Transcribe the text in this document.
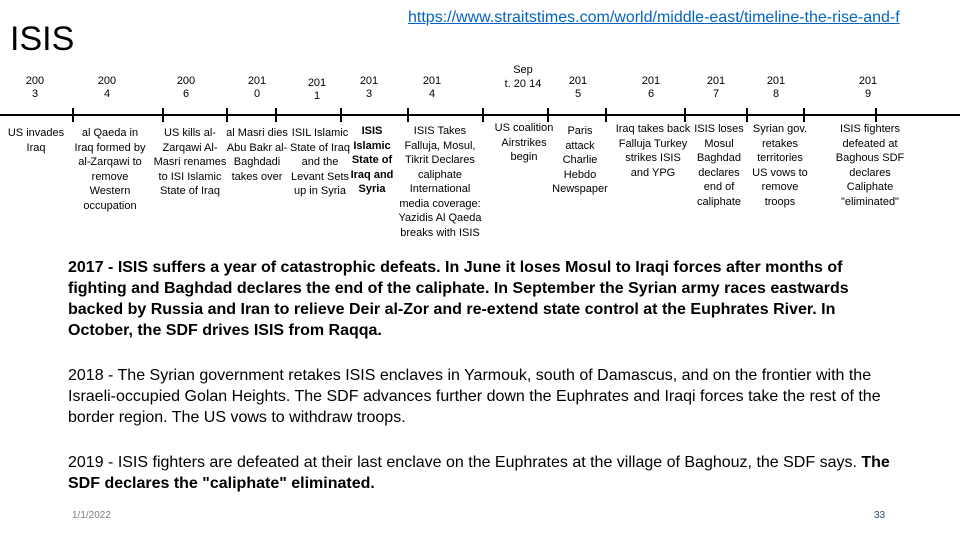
ISIS
https://www.straitstimes.com/world/middle-east/timeline-the-rise-and-f
200
3
200
4
200
6
201
0
201
1
201
3
201
4
Sep
t. 20 14	201
5
201
6
201
7
201
8
201
9
US invades Iraq
al Qaeda in Iraq formed by al-Zarqawi to remove Western occupation
US kills al-Zarqawi Al-Masri renames to ISI Islamic State of Iraq
al Masri dies Abu Bakr al-Baghdadi takes over
ISIL Islamic State of Iraq and the Levant Sets up in Syria
ISIS Islamic State of Iraq and Syria
ISIS Takes Falluja, Mosul, Tikrit Declares caliphate International media coverage: Yazidis Al Qaeda breaks with ISIS
US coalition Airstrikes begin
Paris attack Charlie Hebdo Newspaper
Iraq takes back Falluja Turkey strikes ISIS and YPG
ISIS loses Mosul Baghdad declares end of caliphate
Syrian gov. retakes territories US vows to remove troops
ISIS fighters defeated at Baghous SDF declares Caliphate "eliminated"
2017 - ISIS suffers a year of catastrophic defeats. In June it loses Mosul to Iraqi forces after months of fighting and Baghdad declares the end of the caliphate. In September the Syrian army races eastwards backed by Russia and Iran to relieve Deir al-Zor and re-extend state control at the Euphrates River. In October, the SDF drives ISIS from Raqqa.
2018 - The Syrian government retakes ISIS enclaves in Yarmouk, south of Damascus, and on the frontier with the Israeli-occupied Golan Heights. The SDF advances further down the Euphrates and Iraqi forces take the rest of the border region. The US vows to withdraw troops.
2019 - ISIS fighters are defeated at their last enclave on the Euphrates at the village of Baghouz, the SDF says. The SDF declares the "caliphate" eliminated.
1/1/2022	33
